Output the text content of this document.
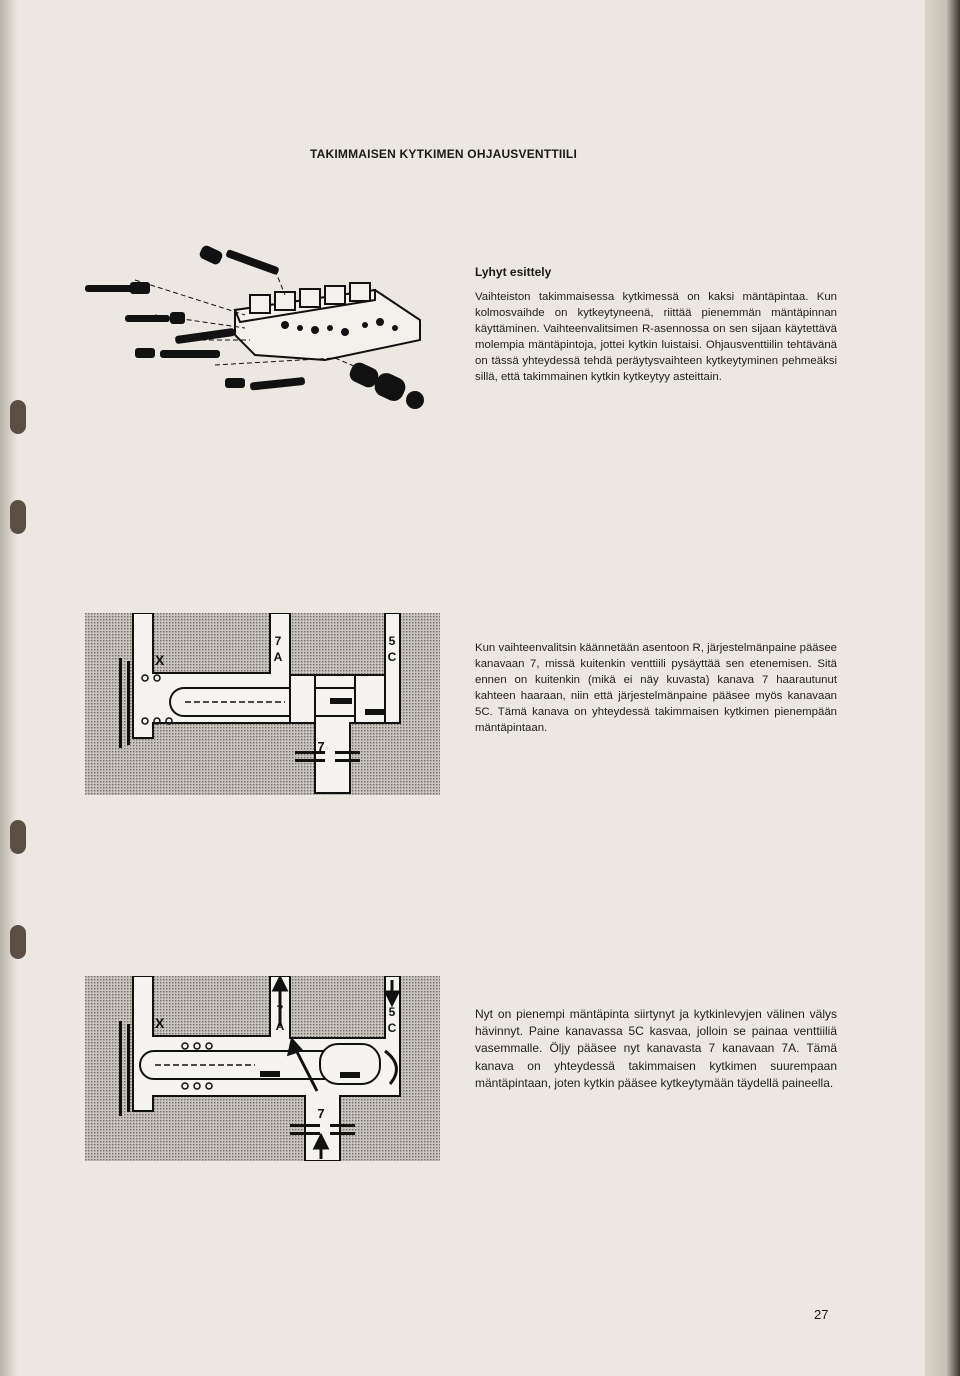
TAKIMMAISEN KYTKIMEN OHJAUSVENTTIILI
Lyhyt esittely
Vaihteiston takimmaisessa kytkimessä on kaksi mäntäpintaa. Kun kolmosvaihde on kytkeytyneenä, riittää pienemmän mäntäpinnan käyttäminen. Vaihteenvalitsimen R-asennossa on sen sijaan käytettävä molempia mäntäpintoja, jottei kytkin luistaisi. Ohjausventtiilin tehtävänä on tässä yhteydessä tehdä peräytysvaihteen kytkeytyminen pehmeäksi sillä, että takimmainen kytkin kytkeytyy asteittain.
X
7
A
5
C
7
Kun vaihteenvalitsin käännetään asentoon R, järjestelmänpaine pääsee kanavaan 7, missä kuitenkin venttiili pysäyttää sen etenemisen. Sitä ennen on kuitenkin (mikä ei näy kuvasta) kanava 7 haarautunut kahteen haaraan, niin että järjestelmänpaine pääsee myös kanavaan 5C. Tämä kanava on yhteydessä takimmaisen kytkimen pienempään mäntäpintaan.
X
7
A
5
C
7
Nyt on pienempi mäntäpinta siirtynyt ja kytkinlevyjen välinen välys hävinnyt. Paine kanavassa 5C kasvaa, jolloin se painaa venttiiliä vasemmalle. Öljy pääsee nyt kanavasta 7 kanavaan 7A. Tämä kanava on yhteydessä takimmaisen kytkimen suurempaan mäntäpintaan, joten kytkin pääsee kytkeytymään täydellä paineella.
27
